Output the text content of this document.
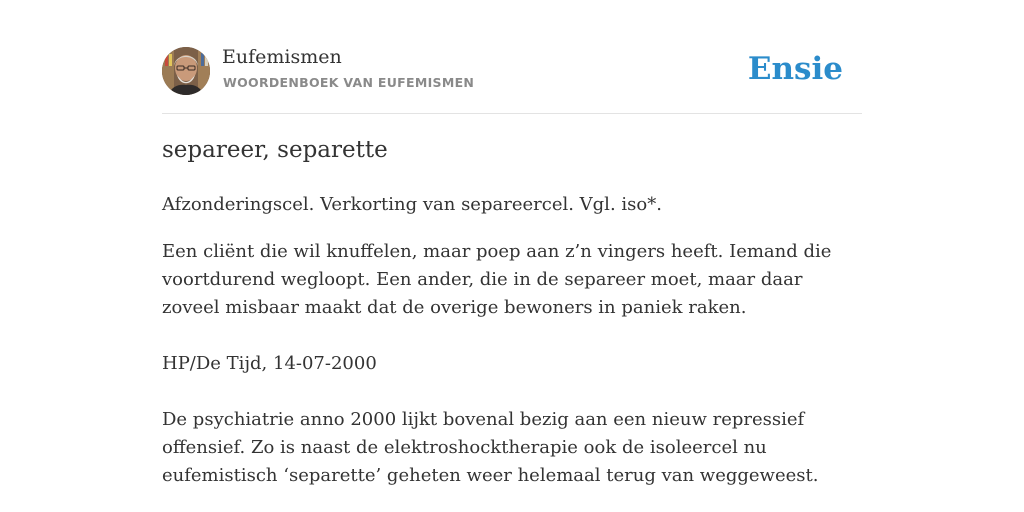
Eufemismen
WOORDENBOEK VAN EUFEMISMEN	Ensie
separeer, separette

Afzonderingscel. Verkorting van separeercel. Vgl. iso*.

Een cliënt die wil knuffelen, maar poep aan z’n vingers heeft. Iemand die voortdurend wegloopt. Een ander, die in de separeer moet, maar daar zoveel misbaar maakt dat de overige bewoners in paniek raken.

HP/De Tijd, 14-07-2000

De psychiatrie anno 2000 lijkt bovenal bezig aan een nieuw repressief offensief. Zo is naast de elektroshocktherapie ook de isoleercel nu eufemistisch ‘separette’ geheten weer helemaal terug van weggeweest.
